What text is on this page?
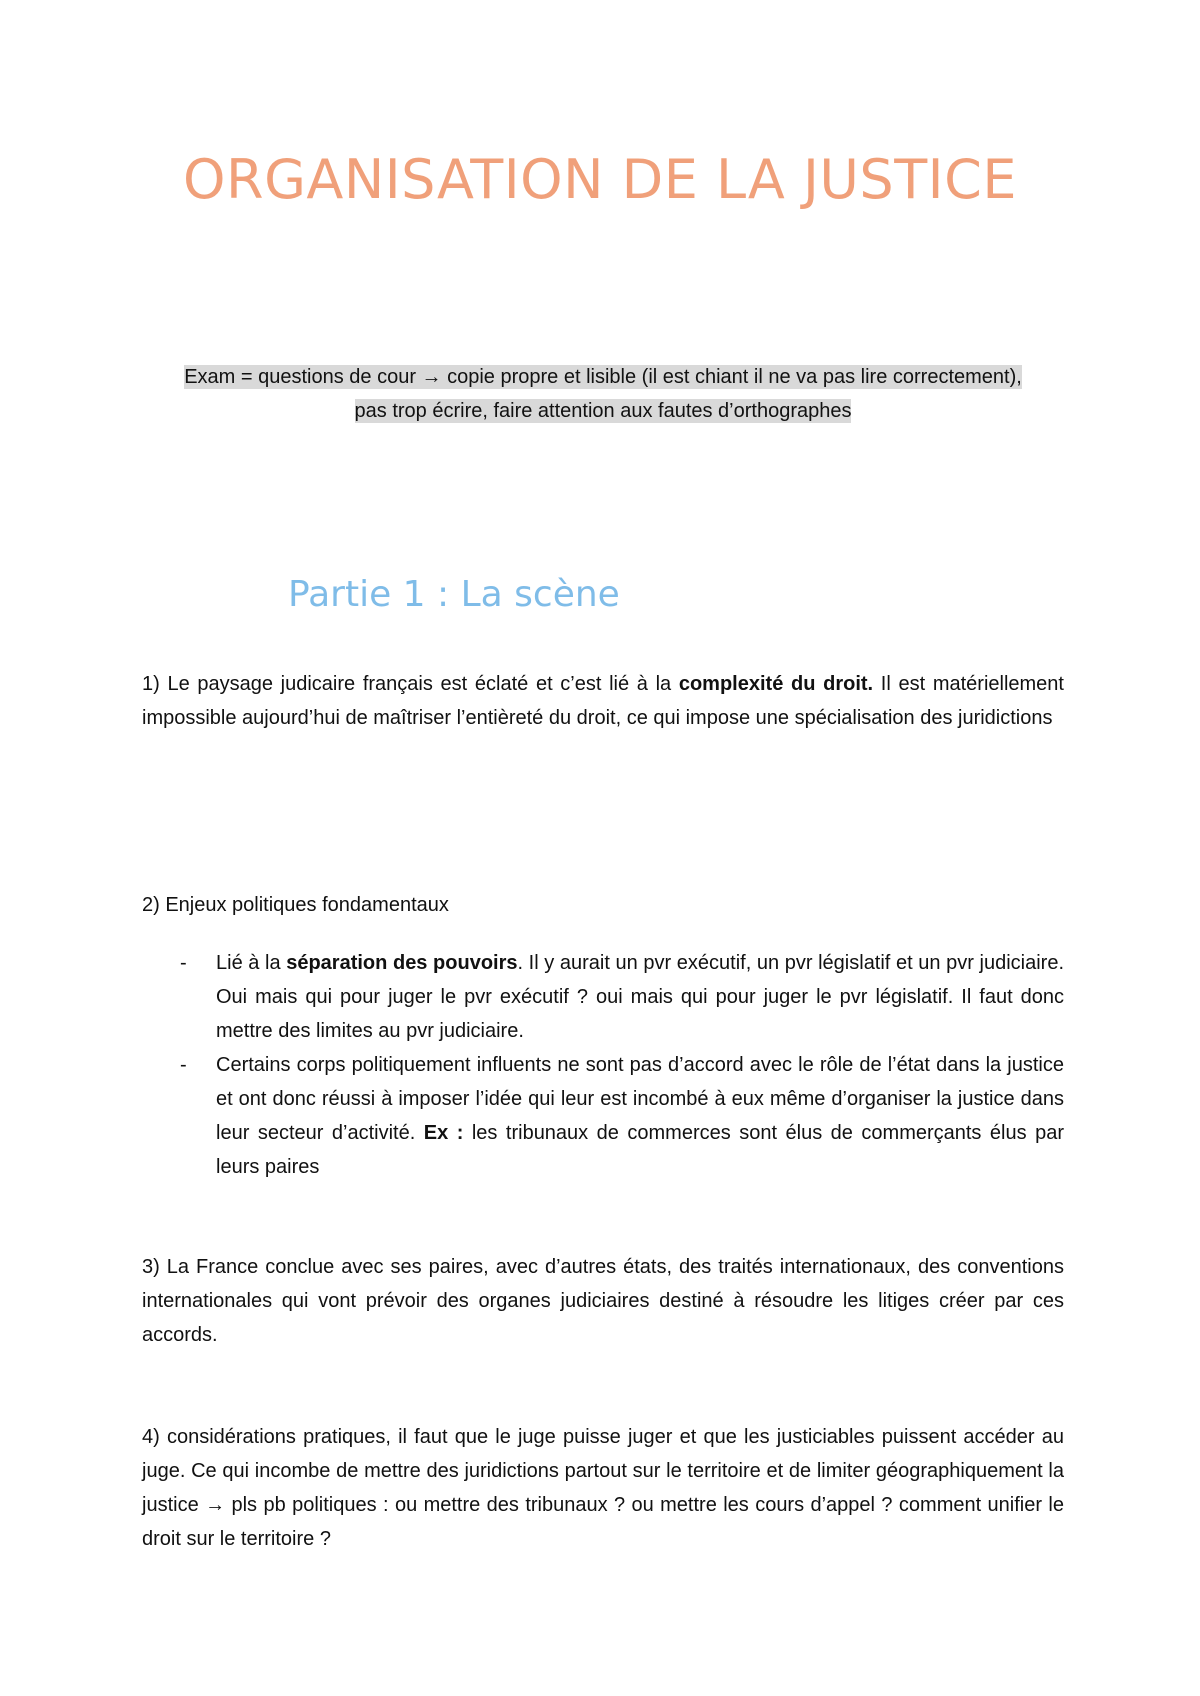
ORGANISATION DE LA JUSTICE

Exam = questions de cour → copie propre et lisible (il est chiant il ne va pas lire correctement),
pas trop écrire, faire attention aux fautes d’orthographes

Partie 1 : La scène

1) Le paysage judicaire français est éclaté et c’est lié à la complexité du droit. Il est matériellement impossible aujourd’hui de maîtriser l’entièreté du droit, ce qui impose une spécialisation des juridictions

2) Enjeux politiques fondamentaux

- Lié à la séparation des pouvoirs. Il y aurait un pvr exécutif, un pvr législatif et un pvr judiciaire. Oui mais qui pour juger le pvr exécutif ? oui mais qui pour juger le pvr législatif. Il faut donc mettre des limites au pvr judiciaire.
- Certains corps politiquement influents ne sont pas d’accord avec le rôle de l’état dans la justice et ont donc réussi à imposer l’idée qui leur est incombé à eux même d’organiser la justice dans leur secteur d’activité. Ex : les tribunaux de commerces sont élus de commerçants élus par leurs paires

3) La France conclue avec ses paires, avec d’autres états, des traités internationaux, des conventions internationales qui vont prévoir des organes judiciaires destiné à résoudre les litiges créer par ces accords.

4) considérations pratiques, il faut que le juge puisse juger et que les justiciables puissent accéder au juge. Ce qui incombe de mettre des juridictions partout sur le territoire et de limiter géographiquement la justice → pls pb politiques : ou mettre des tribunaux ? ou mettre les cours d’appel ? comment unifier le droit sur le territoire ?
